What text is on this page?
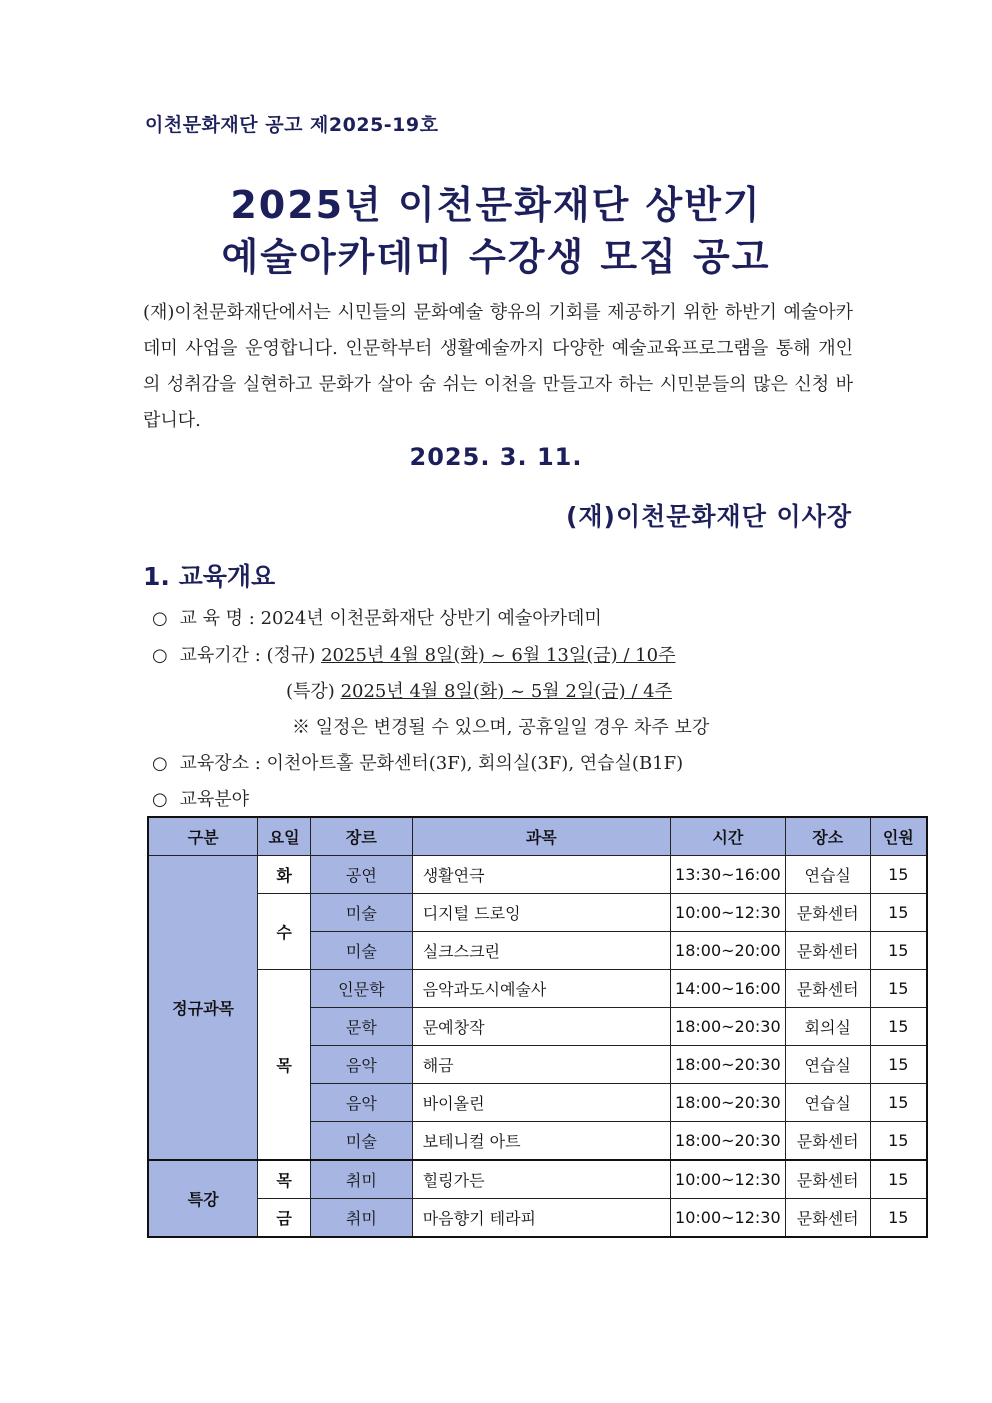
이천문화재단 공고 제2025-19호
2025년 이천문화재단 상반기
예술아카데미 수강생 모집 공고
(재)이천문화재단에서는 시민들의 문화예술 향유의 기회를 제공하기 위한 하반기 예술아카데미 사업을 운영합니다. 인문학부터 생활예술까지 다양한 예술교육프로그램을 통해 개인의 성취감을 실현하고 문화가 살아 숨 쉬는 이천을 만들고자 하는 시민분들의 많은 신청 바랍니다.
2025. 3. 11.
(재)이천문화재단 이사장
1. 교육개요
○ 교 육 명 : 2024년 이천문화재단 상반기 예술아카데미
○ 교육기간 : (정규) 2025년 4월 8일(화) ~ 6월 13일(금) / 10주
(특강) 2025년 4월 8일(화) ~ 5월 2일(금) / 4주
※ 일정은 변경될 수 있으며, 공휴일일 경우 차주 보강
○ 교육장소 : 이천아트홀 문화센터(3F), 회의실(3F), 연습실(B1F)
○ 교육분야
구분	요일	장르	과목	시간	장소	인원
정규과목	화	공연	생활연극	13:30~16:00	연습실	15
	수	미술	디지털 드로잉	10:00~12:30	문화센터	15
		미술	실크스크린	18:00~20:00	문화센터	15
	목	인문학	음악과도시예술사	14:00~16:00	문화센터	15
		문학	문예창작	18:00~20:30	회의실	15
		음악	해금	18:00~20:30	연습실	15
		음악	바이올린	18:00~20:30	연습실	15
		미술	보테니컬 아트	18:00~20:30	문화센터	15
특강	목	취미	힐링가든	10:00~12:30	문화센터	15
	금	취미	마음향기 테라피	10:00~12:30	문화센터	15
